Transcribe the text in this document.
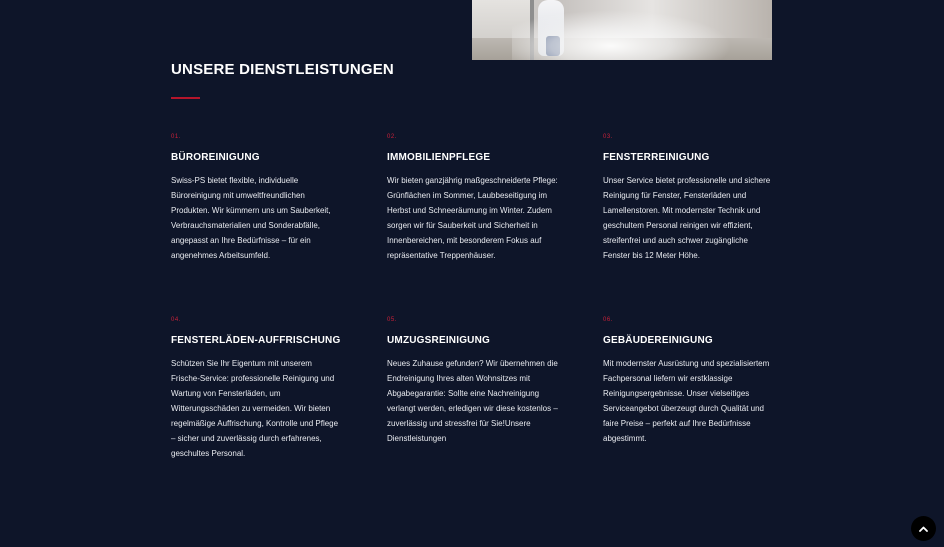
UNSERE DIENSTLEISTUNGEN
01.
BÜROREINIGUNG
Swiss-PS bietet flexible, individuelle Büroreinigung mit umweltfreundlichen Produkten. Wir kümmern uns um Sauberkeit, Verbrauchsmaterialien und Sonderabfälle, angepasst an Ihre Bedürfnisse – für ein angenehmes Arbeitsumfeld.
02.
IMMOBILIENPFLEGE
Wir bieten ganzjährig maßgeschneiderte Pflege: Grünflächen im Sommer, Laubbeseitigung im Herbst und Schneeräumung im Winter. Zudem sorgen wir für Sauberkeit und Sicherheit in Innenbereichen, mit besonderem Fokus auf repräsentative Treppenhäuser.
03.
FENSTERREINIGUNG
Unser Service bietet professionelle und sichere Reinigung für Fenster, Fensterläden und Lamellenstoren. Mit modernster Technik und geschultem Personal reinigen wir effizient, streifenfrei und auch schwer zugängliche Fenster bis 12 Meter Höhe.
04.
FENSTERLÄDEN-AUFFRISCHUNG
Schützen Sie Ihr Eigentum mit unserem Frische-Service: professionelle Reinigung und Wartung von Fensterläden, um Witterungsschäden zu vermeiden. Wir bieten regelmäßige Auffrischung, Kontrolle und Pflege – sicher und zuverlässig durch erfahrenes, geschultes Personal.
05.
UMZUGSREINIGUNG
Neues Zuhause gefunden? Wir übernehmen die Endreinigung Ihres alten Wohnsitzes mit Abgabegarantie: Sollte eine Nachreinigung verlangt werden, erledigen wir diese kostenlos – zuverlässig und stressfrei für Sie!Unsere Dienstleistungen
06.
GEBÄUDEREINIGUNG
Mit modernster Ausrüstung und spezialisiertem Fachpersonal liefern wir erstklassige Reinigungsergebnisse. Unser vielseitiges Serviceangebot überzeugt durch Qualität und faire Preise – perfekt auf Ihre Bedürfnisse abgestimmt.
